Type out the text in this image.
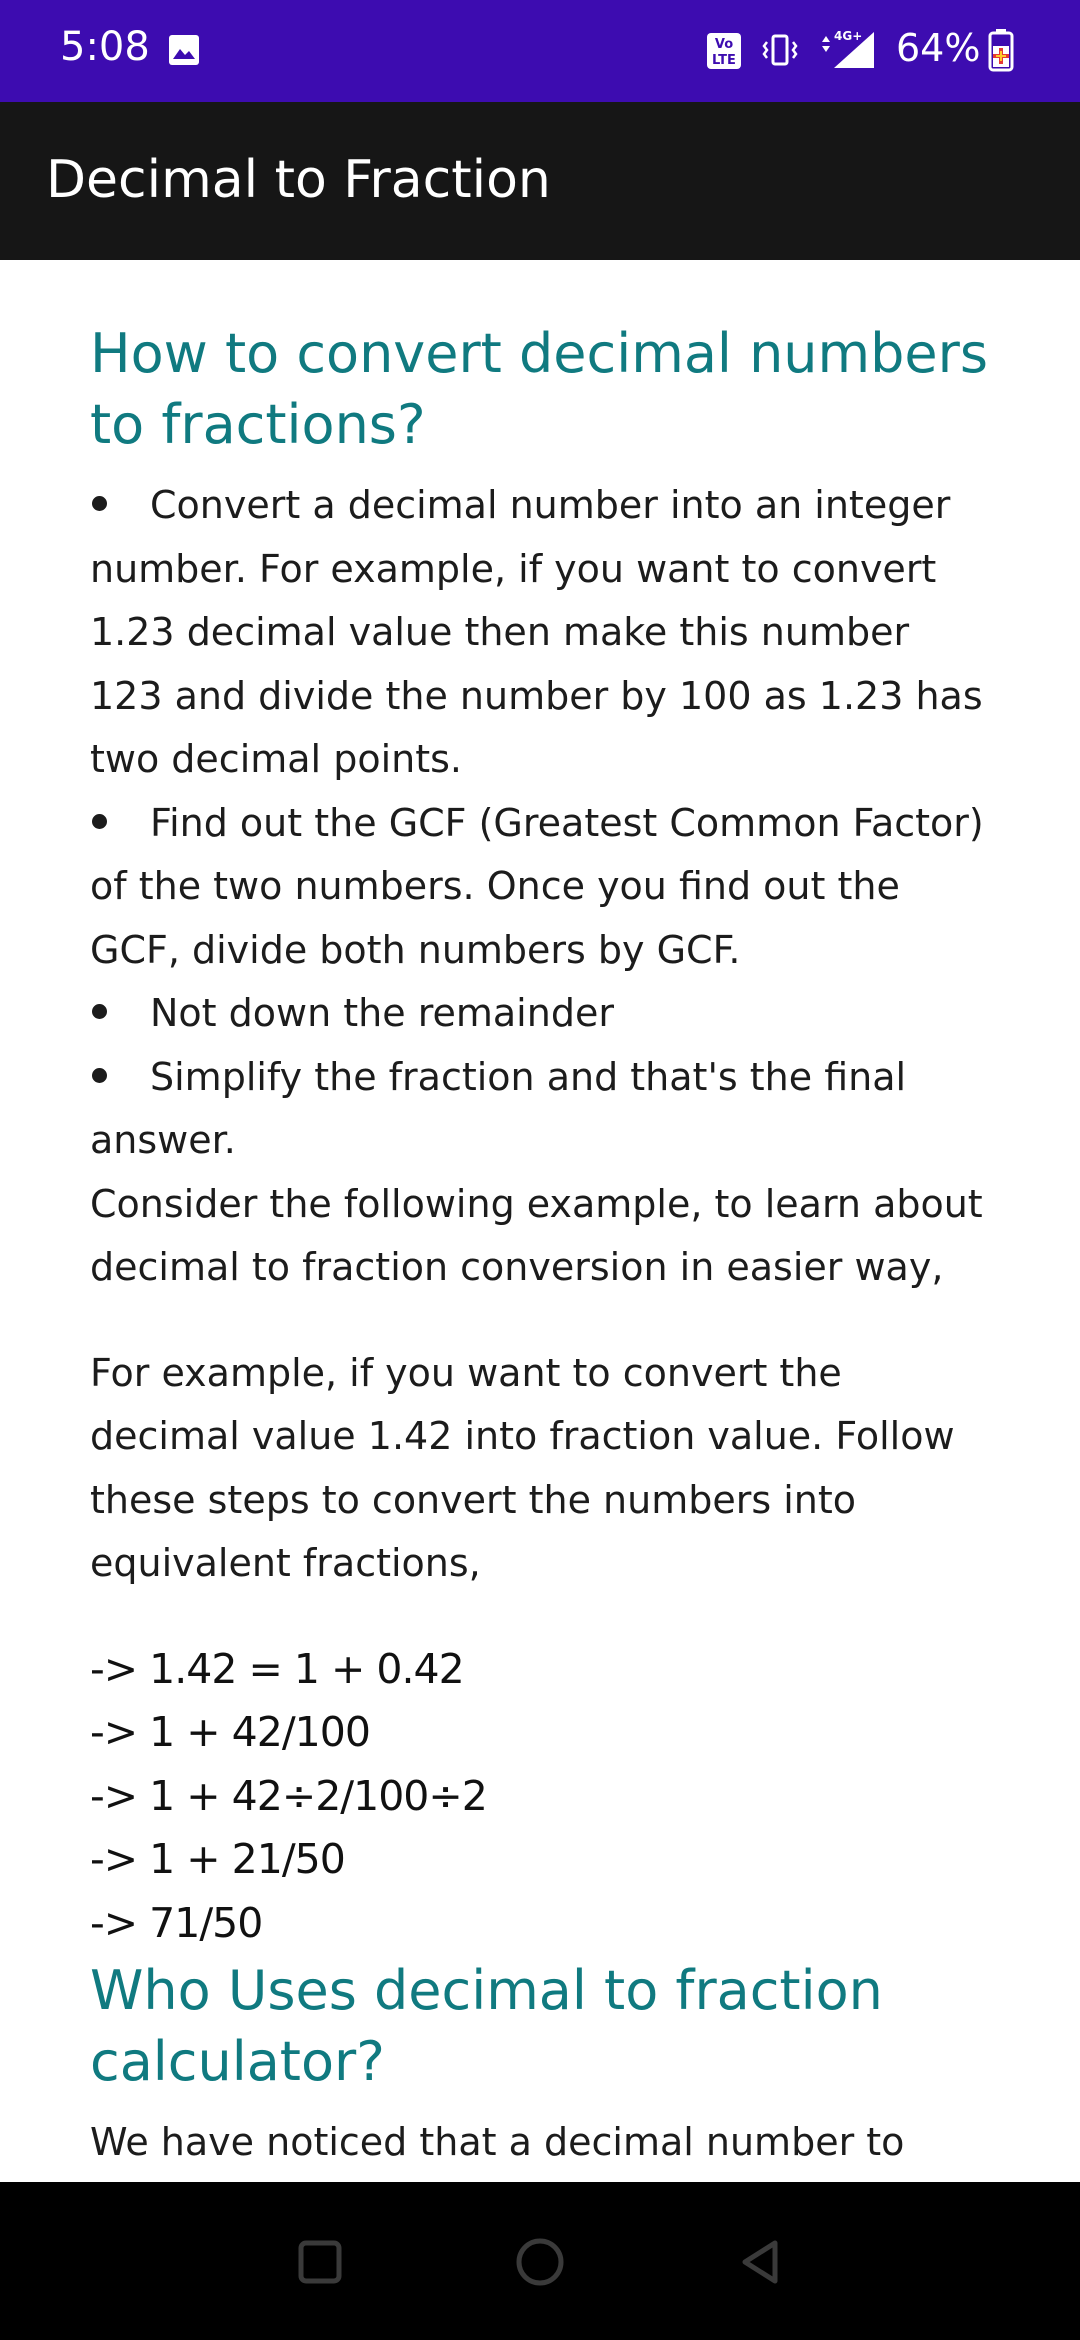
5:08	Vo
LTE
4G+ 64%
Decimal to Fraction
How to convert decimal numbers to fractions?
Convert a decimal number into an integer number. For example, if you want to convert 1.23 decimal value then make this number 123 and divide the number by 100 as 1.23 has two decimal points.
Find out the GCF (Greatest Common Factor) of the two numbers. Once you find out the GCF, divide both numbers by GCF.
Not down the remainder
Simplify the fraction and that's the final answer.

Consider the following example, to learn about decimal to fraction conversion in easier way,

For example, if you want to convert the decimal value 1.42 into fraction value. Follow these steps to convert the numbers into equivalent fractions,

-> 1.42 = 1 + 0.42
-> 1 + 42/100
-> 1 + 42÷2/100÷2
-> 1 + 21/50
-> 71/50
Who Uses decimal to fraction calculator?

We have noticed that a decimal number to
